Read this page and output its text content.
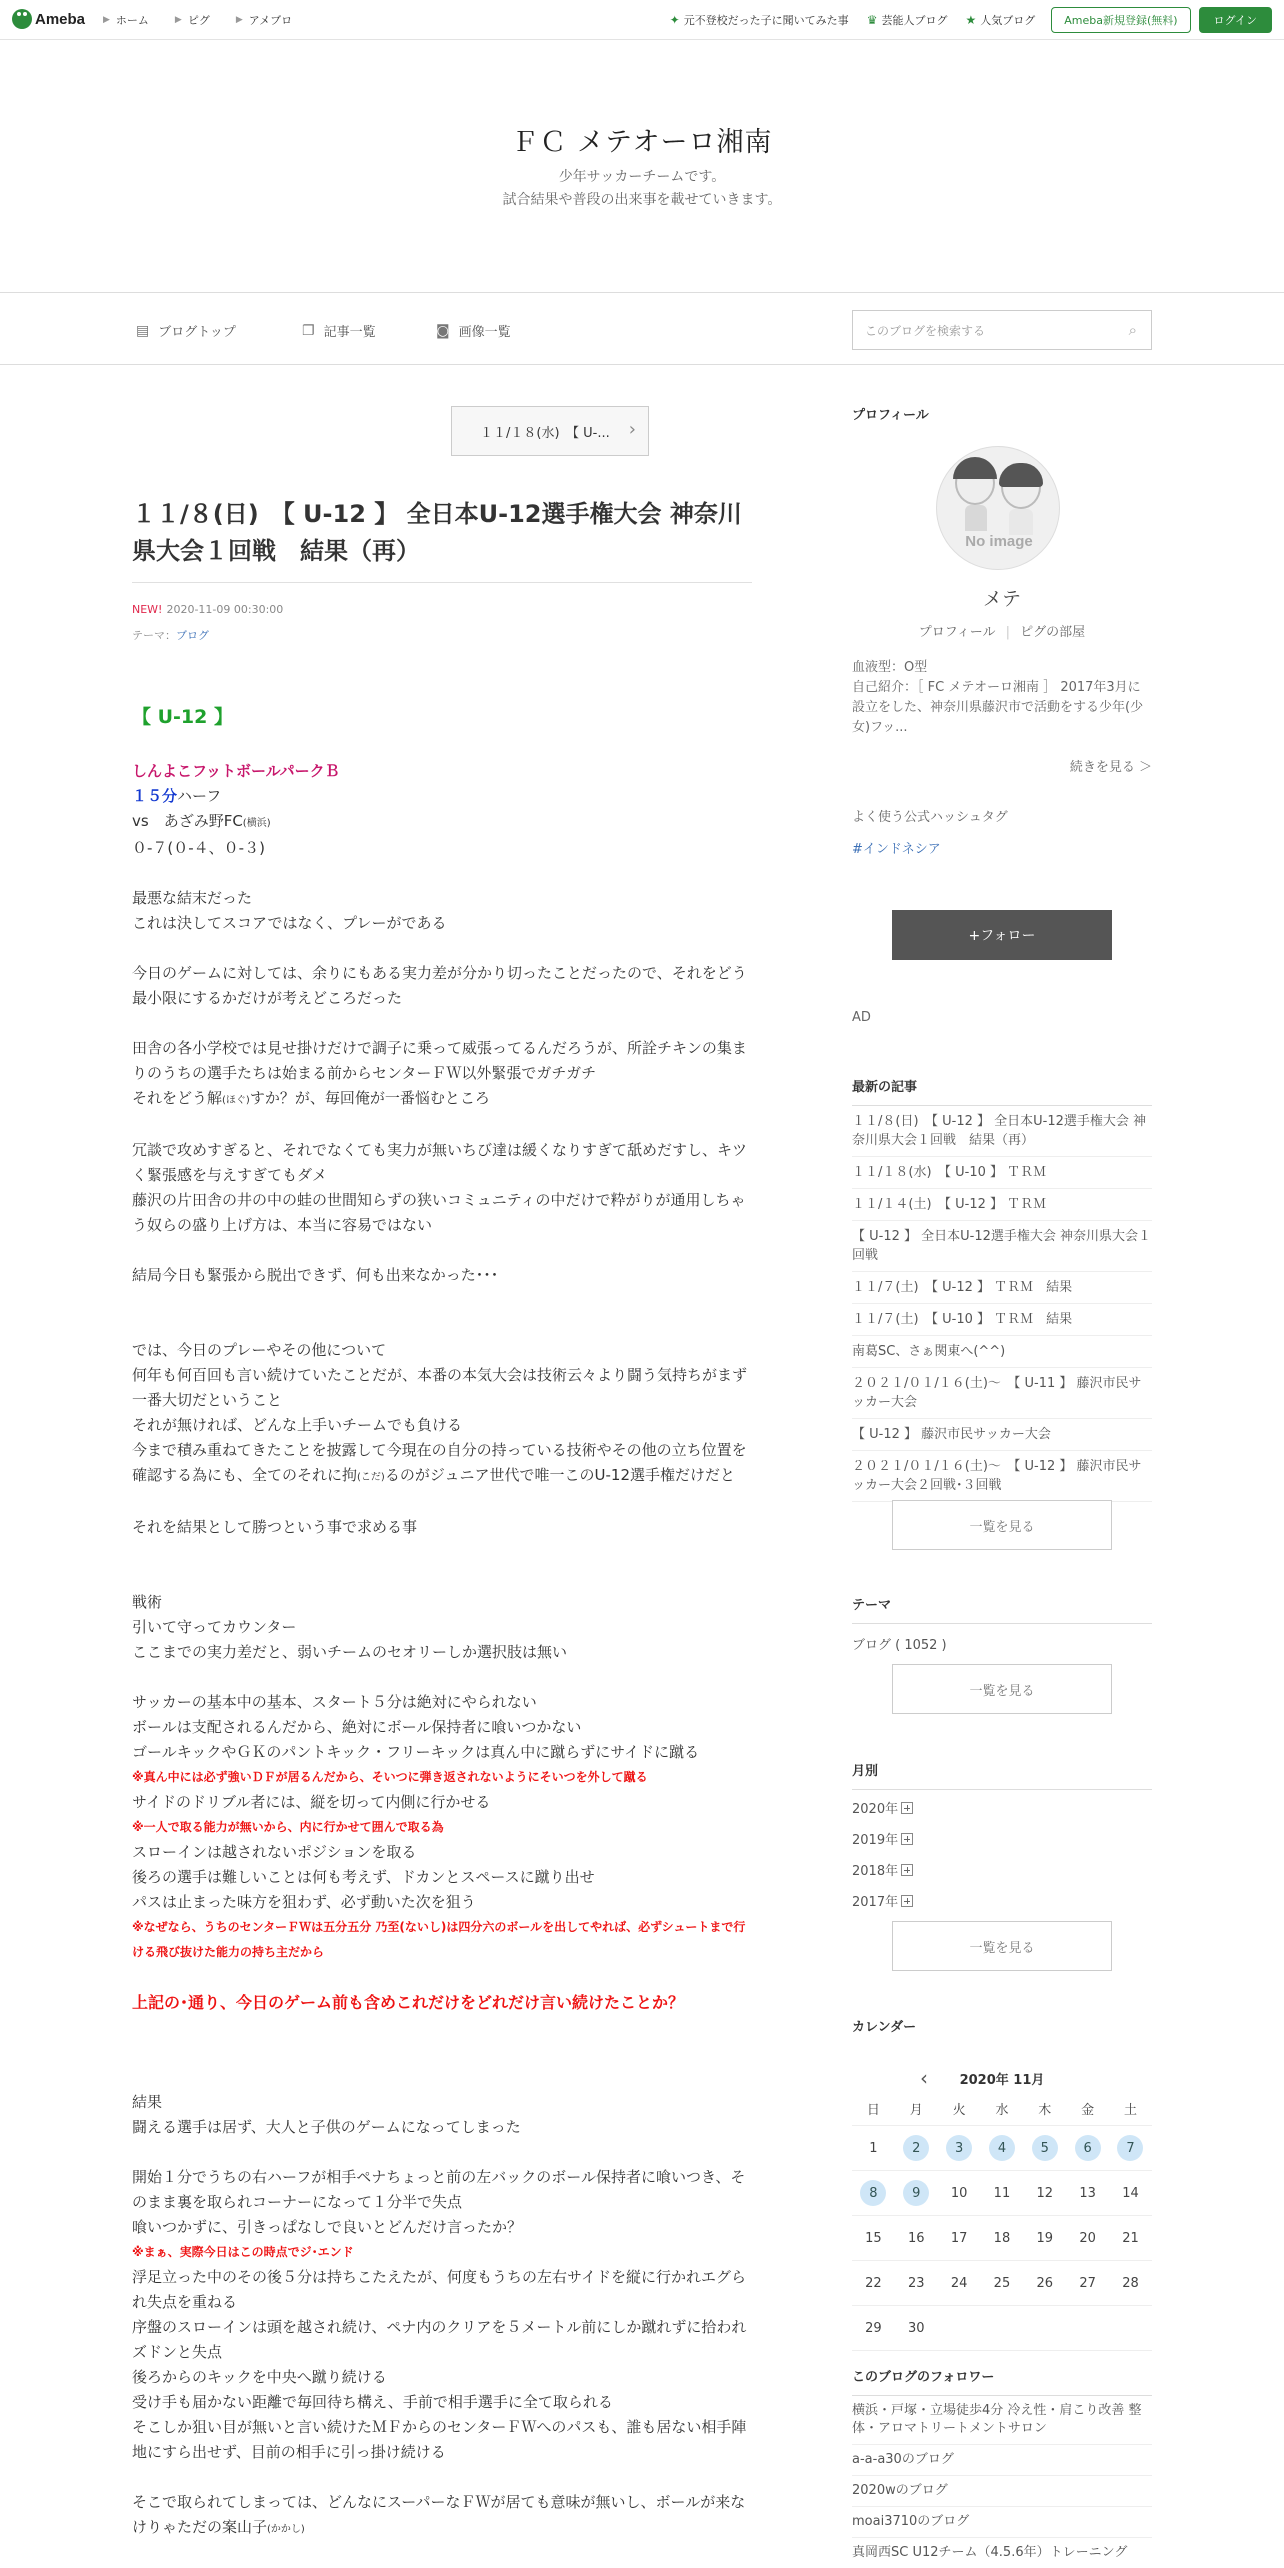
Ameba ▶ ホーム	▶ ピグ	▶ アメブロ	✦ 元不登校だった子に聞いてみた事 ♛ 芸能人ブログ ★ 人気ブログ	Ameba新規登録(無料)	ログイン
ＦＣ メテオーロ湘南
少年サッカーチームです。
試合結果や普段の出来事を載せていきます。
▤ ブログトップ	❐ 記事一覧	◙ 画像一覧	このブログを検索する	⌕
１１/１８(水)　【 U-... ›
１１/８(日)　【 U-12 】 全日本U-12選手権大会 神奈川県大会１回戦　結果（再）
NEW! 2020-11-09 00:30:00
テーマ：ブログ

【 U-12 】

しんよこフットボールパークＢ

１５分ハーフ

vs　あざみ野FC(横浜)

０-７(０-４、０-３)

最悪な結末だった

これは決してスコアではなく、プレーがである

今日のゲームに対しては、余りにもある実力差が分かり切ったことだったので、それをどう最小限にするかだけが考えどころだった

田舎の各小学校では見せ掛けだけで調子に乗って威張ってるんだろうが、所詮チキンの集まりのうちの選手たちは始まる前からセンターＦＷ以外緊張でガチガチ

それをどう解(ほぐ)すか？が、毎回俺が一番悩むところ

冗談で攻めすぎると、それでなくても実力が無いちび達は緩くなりすぎて舐めだすし、キツく緊張感を与えすぎてもダメ

藤沢の片田舎の井の中の蛙の世間知らずの狭いコミュニティの中だけで粋がりが通用しちゃう奴らの盛り上げ方は、本当に容易ではない

結局今日も緊張から脱出できず、何も出来なかった･･･

では、今日のプレーやその他について

何年も何百回も言い続けていたことだが、本番の本気大会は技術云々より闘う気持ちがまず一番大切だということ

それが無ければ、どんな上手いチームでも負ける

今まで積み重ねてきたことを披露して今現在の自分の持っている技術やその他の立ち位置を確認する為にも、全てのそれに拘(こだ)るのがジュニア世代で唯一このU-12選手権だけだと

それを結果として勝つという事で求める事

戦術

引いて守ってカウンター

ここまでの実力差だと、弱いチームのセオリーしか選択肢は無い

サッカーの基本中の基本、スタート５分は絶対にやられない

ボールは支配されるんだから、絶対にボール保持者に喰いつかない

ゴールキックやＧＫのパントキック・フリーキックは真ん中に蹴らずにサイドに蹴る

※真ん中には必ず強いＤＦが居るんだから、そいつに弾き返されないようにそいつを外して蹴る

サイドのドリブル者には、縦を切って内側に行かせる

※一人で取る能力が無いから、内に行かせて囲んで取る為

スローインは越されないポジションを取る

後ろの選手は難しいことは何も考えず、ドカンとスペースに蹴り出せ

パスは止まった味方を狙わず、必ず動いた次を狙う

※なぜなら、うちのセンターＦＷは五分五分 乃至(ないし)は四分六のボールを出してやれば、必ずシュートまで行ける飛び抜けた能力の持ち主だから

上記の･通り、今日のゲーム前も含めこれだけをどれだけ言い続けたことか？

結果

闘える選手は居ず、大人と子供のゲームになってしまった

開始１分でうちの右ハーフが相手ペナちょっと前の左バックのボール保持者に喰いつき、そのまま裏を取られコーナーになって１分半で失点

喰いつかずに、引きっぱなしで良いとどんだけ言ったか？

※まぁ、実際今日はこの時点でジ･エンド

浮足立った中のその後５分は持ちこたえたが、何度もうちの左右サイドを縦に行かれエグられ失点を重ねる

序盤のスローインは頭を越され続け、ペナ内のクリアを５メートル前にしか蹴れずに拾われズドンと失点

後ろからのキックを中央へ蹴り続ける

受け手も届かない距離で毎回待ち構え、手前で相手選手に全て取られる

そこしか狙い目が無いと言い続けたＭＦからのセンターＦＷへのパスも、誰も居ない相手陣地にすら出せず、目前の相手に引っ掛け続ける

そこで取られてしまっては、どんなにスーパーなＦＷが居ても意味が無いし、ボールが来なけりゃただの案山子(かかし)

プロフィール
No image
メテ
プロフィール | ピグの部屋
血液型：O型
自己紹介：［ FC メテオーロ湘南 ］ 2017年3月に設立をした、神奈川県藤沢市で活動をする少年(少女)フッ...
続きを見る ＞
よく使う公式ハッシュタグ
#インドネシア
+フォロー
AD
最新の記事
１１/８(日)　【 U-12 】 全日本U-12選手権大会 神奈川県大会１回戦　結果（再）
１１/１８(水)　【 U-10 】 ＴＲＭ
１１/１４(土)　【 U-12 】 ＴＲＭ
【 U-12 】 全日本U-12選手権大会 神奈川県大会１回戦
１１/７(土)　【 U-12 】 ＴＲＭ　結果
１１/７(土)　【 U-10 】 ＴＲＭ　結果
南葛SC、さぁ関東へ(^^)
２０２１/０１/１６(土)～　【 U-11 】 藤沢市民サッカー大会
【 U-12 】 藤沢市民サッカー大会
２０２１/０１/１６(土)～　【 U-12 】 藤沢市民サッカー大会２回戦･３回戦
一覧を見る
テーマ
ブログ ( 1052 )
一覧を見る
月別
2020年
2019年
2018年
2017年
一覧を見る
カレンダー
‹ 2020年 11月
日	月	火	水	木	金	土
1	2	3	4	5	6	7
8	9	10	11	12	13	14
15	16	17	18	19	20	21
22	23	24	25	26	27	28
29	30
このブログのフォロワー
横浜・戸塚・立場徒歩4分 冷え性・肩こり改善 整体・アロマトリートメントサロン
a-a-a30のブログ
2020wのブログ
moai3710のブログ
真岡西SC U12チーム（4.5.6年）トレーニング
